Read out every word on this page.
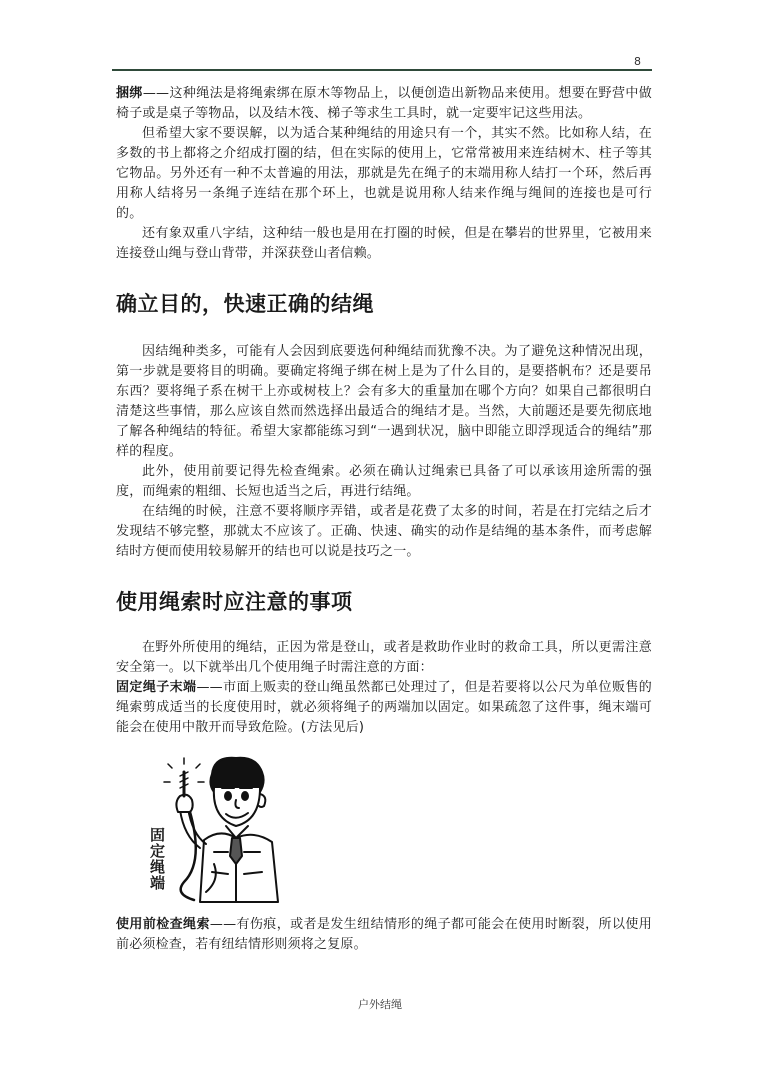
8

捆绑——这种绳法是将绳索绑在原木等物品上，以便创造出新物品来使用。想要在野营中做椅子或是桌子等物品，以及结木筏、梯子等求生工具时，就一定要牢记这些用法。

但希望大家不要误解，以为适合某种绳结的用途只有一个，其实不然。比如称人结，在多数的书上都将之介绍成打圈的结，但在实际的使用上，它常常被用来连结树木、柱子等其它物品。另外还有一种不太普遍的用法，那就是先在绳子的末端用称人结打一个环，然后再用称人结将另一条绳子连结在那个环上，也就是说用称人结来作绳与绳间的连接也是可行的。

还有象双重八字结，这种结一般也是用在打圈的时候，但是在攀岩的世界里，它被用来连接登山绳与登山背带，并深获登山者信赖。

确立目的，快速正确的结绳

因结绳种类多，可能有人会因到底要选何种绳结而犹豫不决。为了避免这种情况出现，第一步就是要将目的明确。要确定将绳子绑在树上是为了什么目的，是要搭帆布？还是要吊东西？要将绳子系在树干上亦或树枝上？会有多大的重量加在哪个方向？如果自己都很明白清楚这些事情，那么应该自然而然选择出最适合的绳结才是。当然，大前题还是要先彻底地了解各种绳结的特征。希望大家都能练习到“一遇到状况，脑中即能立即浮现适合的绳结”那样的程度。

此外，使用前要记得先检查绳索。必须在确认过绳索已具备了可以承该用途所需的强度，而绳索的粗细、长短也适当之后，再进行结绳。

在结绳的时候，注意不要将顺序弄错，或者是花费了太多的时间，若是在打完结之后才发现结不够完整，那就太不应该了。正确、快速、确实的动作是结绳的基本条件，而考虑解结时方便而使用较易解开的结也可以说是技巧之一。

使用绳索时应注意的事项

在野外所使用的绳结，正因为常是登山，或者是救助作业时的救命工具，所以更需注意安全第一。以下就举出几个使用绳子时需注意的方面：

固定绳子末端——市面上贩卖的登山绳虽然都已处理过了，但是若要将以公尺为单位贩售的绳索剪成适当的长度使用时，就必须将绳子的两端加以固定。如果疏忽了这件事，绳末端可能会在使用中散开而导致危险。(方法见后)

固定绳端

使用前检查绳索——有伤痕，或者是发生纽结情形的绳子都可能会在使用时断裂，所以使用前必须检查，若有纽结情形则须将之复原。

户外结绳
